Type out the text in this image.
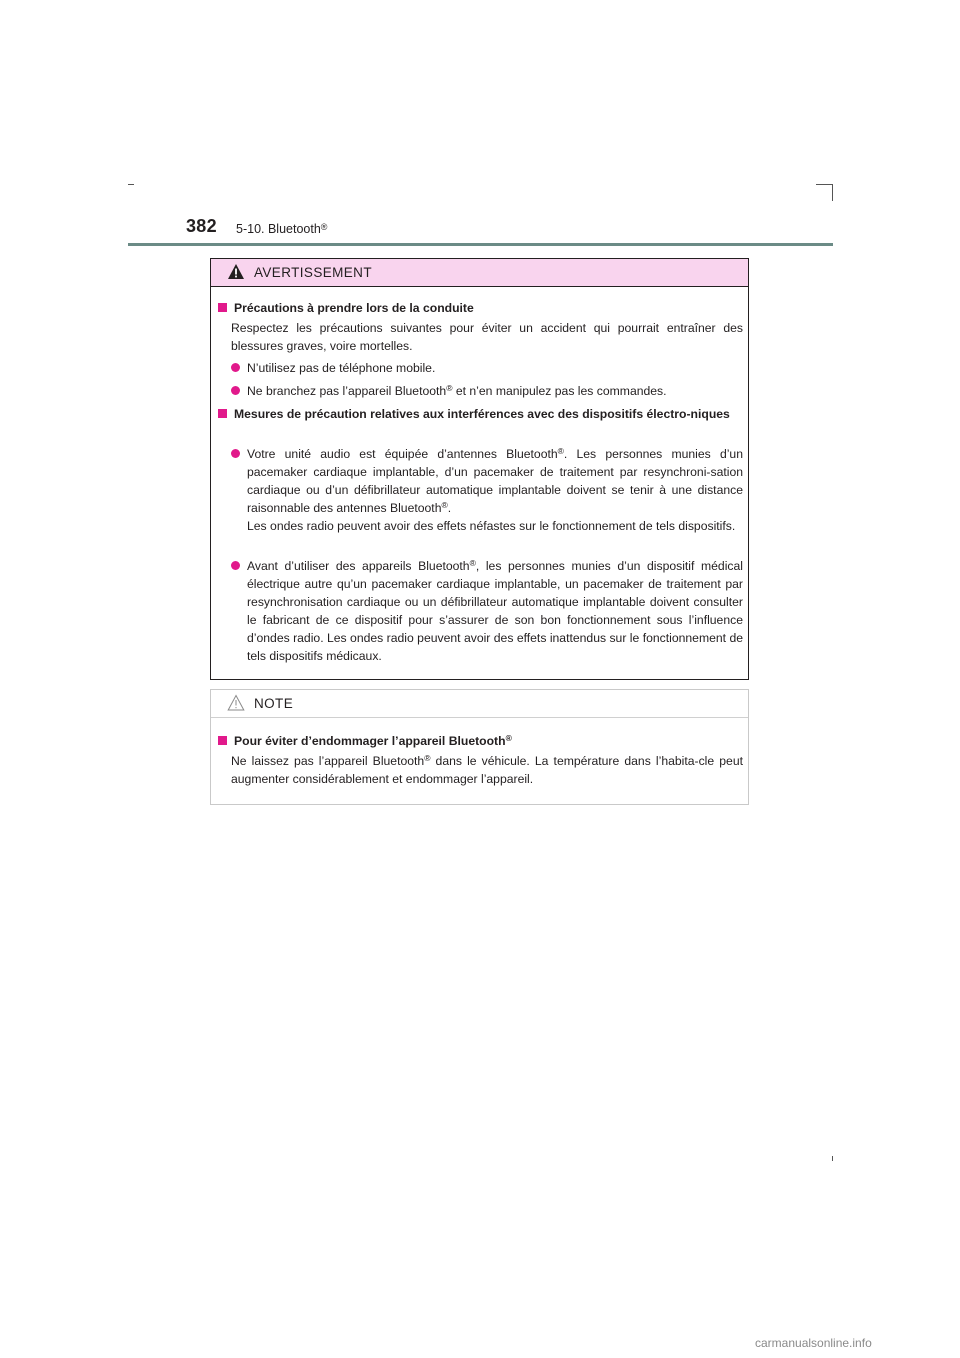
382 5-10. Bluetooth®
AVERTISSEMENT
Précautions à prendre lors de la conduite
Respectez les précautions suivantes pour éviter un accident qui pourrait entraîner des blessures graves, voire mortelles.
N’utilisez pas de téléphone mobile.
Ne branchez pas l’appareil Bluetooth® et n’en manipulez pas les commandes.
Mesures de précaution relatives aux interférences avec des dispositifs électro-niques
Votre unité audio est équipée d’antennes Bluetooth®. Les personnes munies d’un pacemaker cardiaque implantable, d’un pacemaker de traitement par resynchroni-sation cardiaque ou d’un défibrillateur automatique implantable doivent se tenir à une distance raisonnable des antennes Bluetooth®.
Les ondes radio peuvent avoir des effets néfastes sur le fonctionnement de tels dispositifs.
Avant d’utiliser des appareils Bluetooth®, les personnes munies d’un dispositif médical électrique autre qu’un pacemaker cardiaque implantable, un pacemaker de traitement par resynchronisation cardiaque ou un défibrillateur automatique implantable doivent consulter le fabricant de ce dispositif pour s’assurer de son bon fonctionnement sous l’influence d’ondes radio. Les ondes radio peuvent avoir des effets inattendus sur le fonctionnement de tels dispositifs médicaux.
NOTE
Pour éviter d’endommager l’appareil Bluetooth®
Ne laissez pas l’appareil Bluetooth® dans le véhicule. La température dans l’habita-cle peut augmenter considérablement et endommager l’appareil.
carmanualsonline.info
